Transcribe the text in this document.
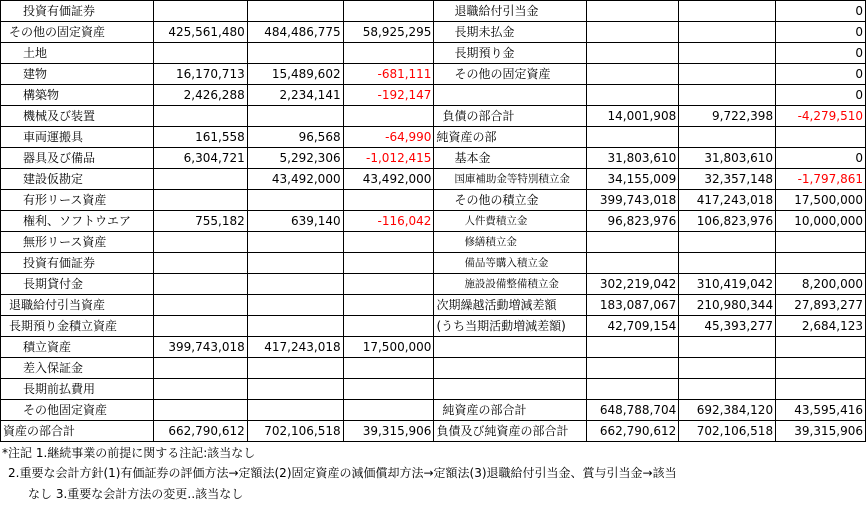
投資有価証券				退職給付引当金			0
その他の固定資産	425,561,480	484,486,775	58,925,295	長期未払金			0
土地				長期預り金			0
建物	16,170,713	15,489,602	-681,111	その他の固定資産			0
構築物	2,426,288	2,234,141	-192,147				0
機械及び装置				負債の部合計	14,001,908	9,722,398	-4,279,510
車両運搬具	161,558	96,568	-64,990	純資産の部			
器具及び備品	6,304,721	5,292,306	-1,012,415	基本金	31,803,610	31,803,610	0
建設仮勘定		43,492,000	43,492,000	国庫補助金等特別積立金	34,155,009	32,357,148	-1,797,861
有形リース資産				その他の積立金	399,743,018	417,243,018	17,500,000
権利、ソフトウエア	755,182	639,140	-116,042	人件費積立金	96,823,976	106,823,976	10,000,000
無形リース資産				修繕積立金			
投資有価証券				備品等購入積立金			
長期貸付金				施設設備整備積立金	302,219,042	310,419,042	8,200,000
退職給付引当資産				次期繰越活動増減差額	183,087,067	210,980,344	27,893,277
長期預り金積立資産				(うち当期活動増減差額)	42,709,154	45,393,277	2,684,123
積立資産	399,743,018	417,243,018	17,500,000				
差入保証金							
長期前払費用							
その他固定資産				純資産の部合計	648,788,704	692,384,120	43,595,416
資産の部合計	662,790,612	702,106,518	39,315,906	負債及び純資産の部合計	662,790,612	702,106,518	39,315,906
*注記 1.継続事業の前提に関する注記:該当なし
2.重要な会計方針(1)有価証券の評価方法→定額法(2)固定資産の減価償却方法→定額法(3)退職給付引当金、賞与引当金→該当
なし 3.重要な会計方法の変更‥該当なし
